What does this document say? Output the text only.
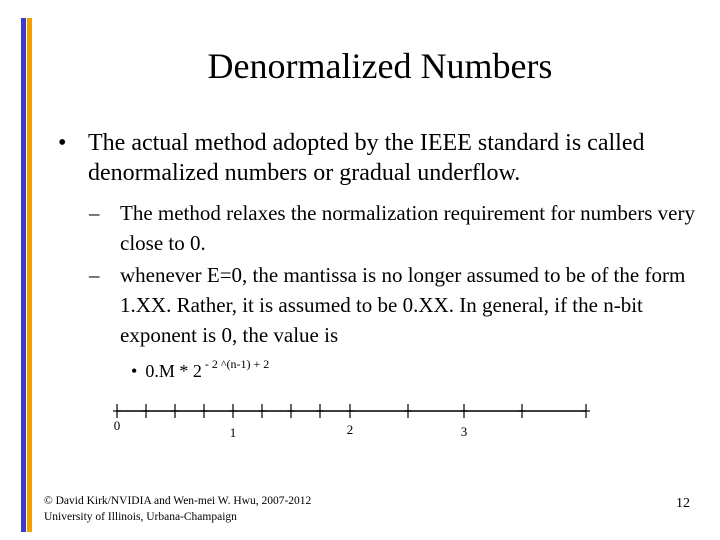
Denormalized Numbers
• The actual method adopted by the IEEE standard is called denormalized numbers or gradual underflow.
– The method relaxes the normalization requirement for numbers very close to 0.
– whenever E=0, the mantissa is no longer assumed to be of the form 1.XX. Rather, it is assumed to be 0.XX. In general, if the n-bit exponent is 0, the value is
• 0.M * 2 $^{- 2 \^{}(n-1) + 2}$
0	1	2	3
© David Kirk/NVIDIA and Wen-mei W. Hwu, 2007-2012
University of Illinois, Urbana-Champaign
12
